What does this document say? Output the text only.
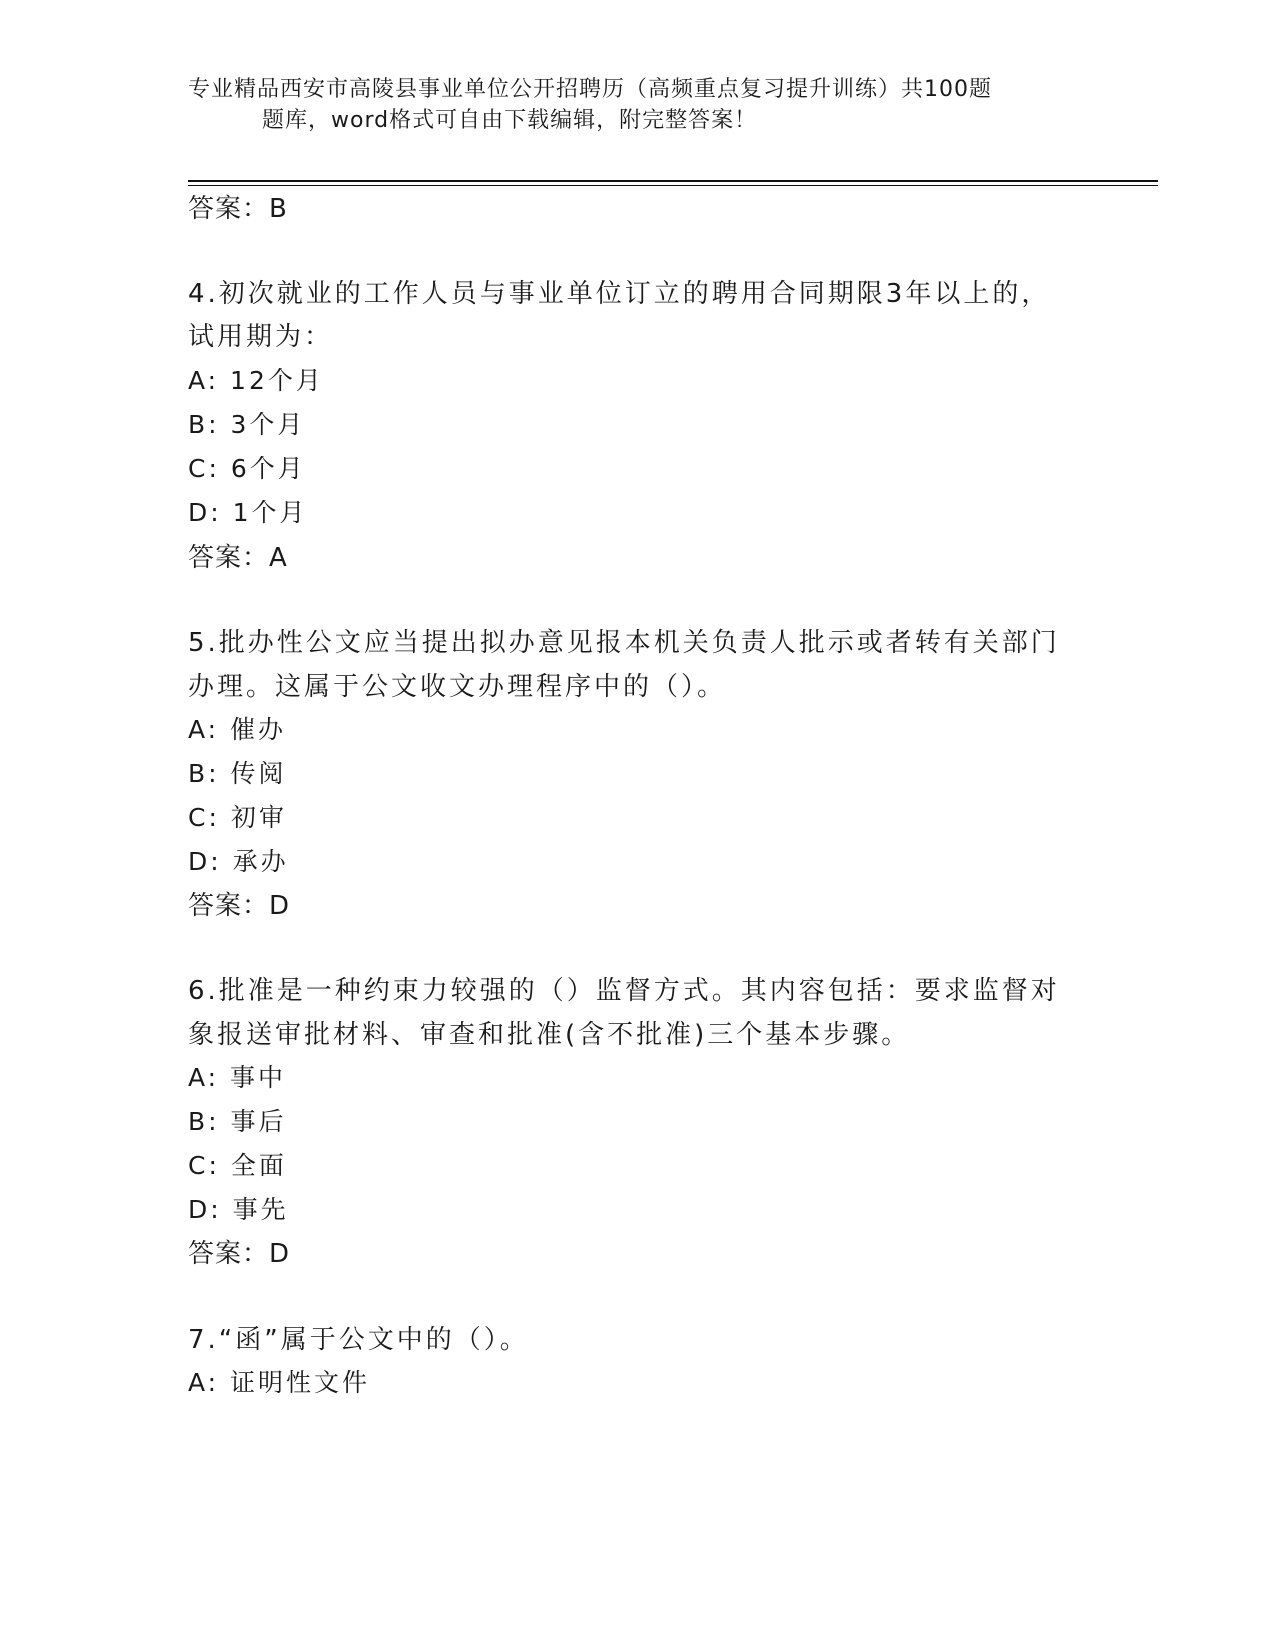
专业精品西安市高陵县事业单位公开招聘历（高频重点复习提升训练）共100题
题库，word格式可自由下载编辑，附完整答案！
答案：B
4.初次就业的工作人员与事业单位订立的聘用合同期限3年以上的，
试用期为：
A: 12个月
B: 3个月
C: 6个月
D: 1个月
答案：A
5.批办性公文应当提出拟办意见报本机关负责人批示或者转有关部门
办理。这属于公文收文办理程序中的（）。
A: 催办
B: 传阅
C: 初审
D: 承办
答案：D
6.批准是一种约束力较强的（）监督方式。其内容包括：要求监督对
象报送审批材料、审查和批准(含不批准)三个基本步骤。
A: 事中
B: 事后
C: 全面
D: 事先
答案：D
7.“函”属于公文中的（）。
A: 证明性文件
